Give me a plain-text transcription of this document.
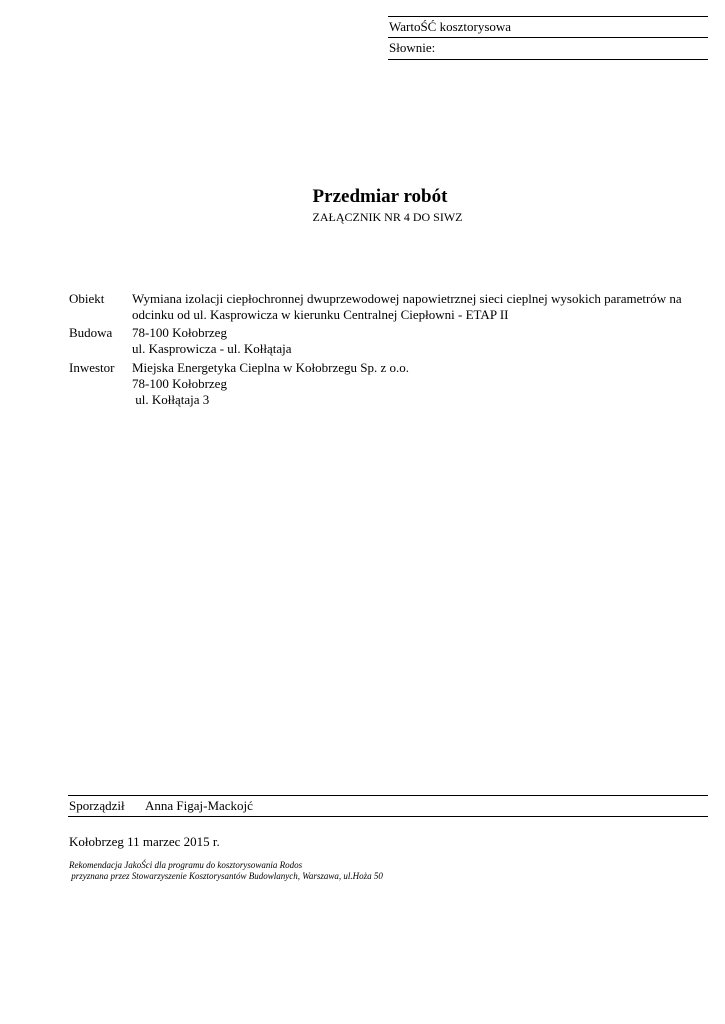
WartoŚĆ kosztorysowa
Słownie:
Przedmiar robót
ZAŁĄCZNIK NR 4 DO SIWZ
Obiekt	Wymiana izolacji ciepłochronnej dwuprzewodowej napowietrznej sieci cieplnej wysokich parametrów na
odcinku od ul. Kasprowicza w kierunku Centralnej Ciepłowni - ETAP II
Budowa	78-100 Kołobrzeg
ul. Kasprowicza - ul. Kołłątaja
Inwestor	Miejska Energetyka Cieplna w Kołobrzegu Sp. z o.o.
78-100 Kołobrzeg
ul. Kołłątaja 3
Sporządził Anna Figaj-Mackojć
Kołobrzeg 11 marzec 2015 r.
Rekomendacja JakoŚci dla programu do kosztorysowania Rodos
przyznana przez Stowarzyszenie Kosztorysantów Budowlanych, Warszawa, ul.Hoża 50
